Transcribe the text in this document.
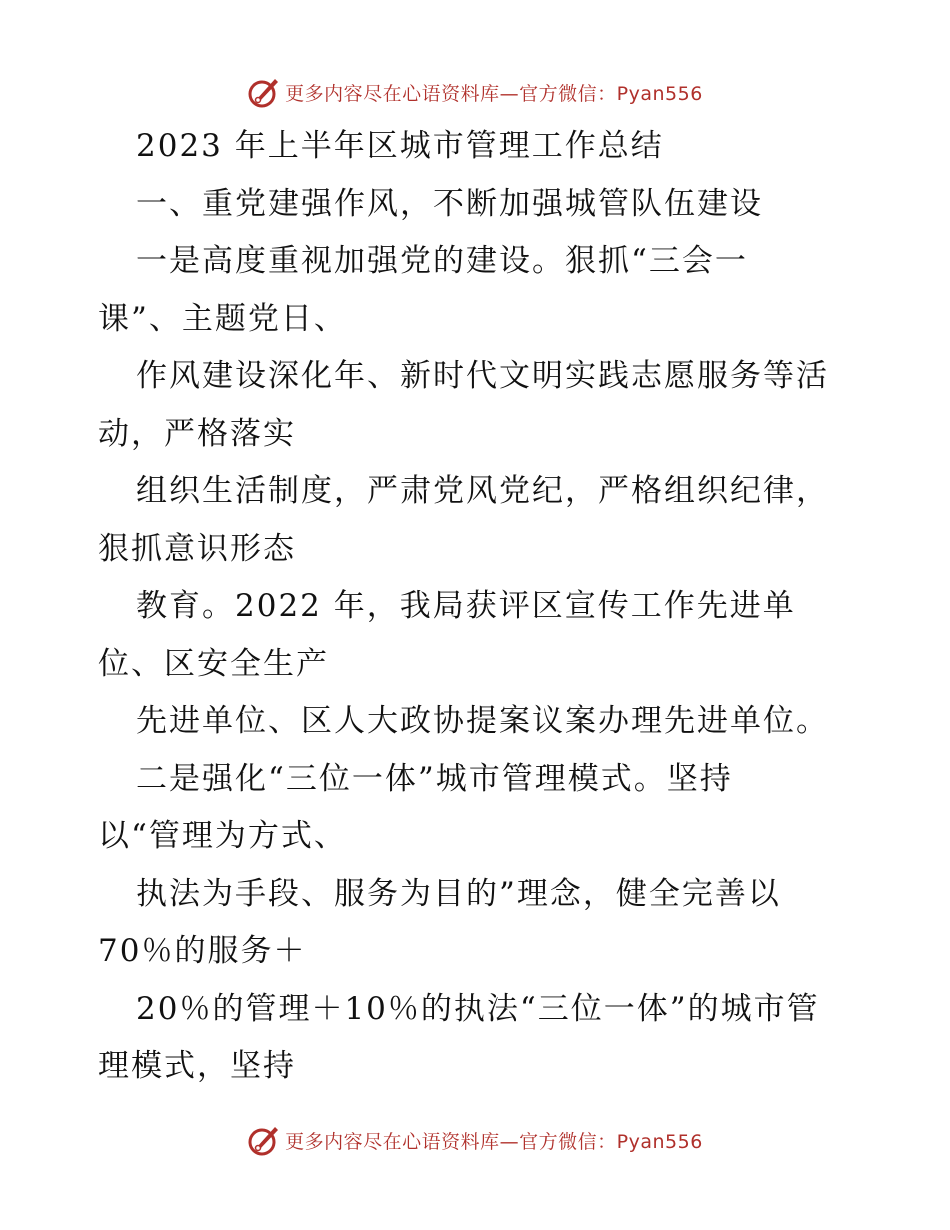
更多内容尽在心语资料库—官方微信：Pyan556
2023 年上半年区城市管理工作总结
一、重党建强作风，不断加强城管队伍建设
一是高度重视加强党的建设。狠抓“三会一
课”、主题党日、
作风建设深化年、新时代文明实践志愿服务等活
动，严格落实
组织生活制度，严肃党风党纪，严格组织纪律，
狠抓意识形态
教育。2022 年，我局获评区宣传工作先进单
位、区安全生产
先进单位、区人大政协提案议案办理先进单位。
二是强化“三位一体”城市管理模式。坚持
以“管理为方式、
执法为手段、服务为目的”理念，健全完善以
70％的服务＋
20％的管理＋10％的执法“三位一体”的城市管
理模式，坚持
更多内容尽在心语资料库—官方微信：Pyan556
